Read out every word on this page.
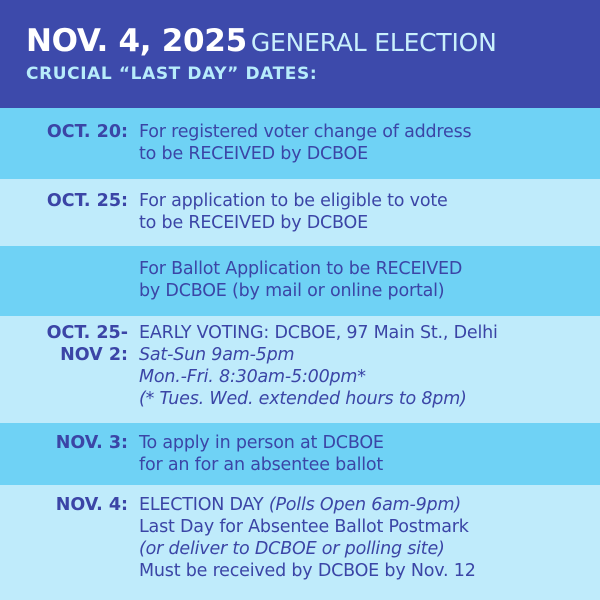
NOV. 4, 2025 GENERAL ELECTION
CRUCIAL “LAST DAY” DATES:
OCT. 20: For registered voter change of address
to be RECEIVED by DCBOE
OCT. 25: For application to be eligible to vote
to be RECEIVED by DCBOE
For Ballot Application to be RECEIVED
by DCBOE (by mail or online portal)
OCT. 25-
NOV 2:
EARLY VOTING: DCBOE, 97 Main St., Delhi
Sat-Sun 9am-5pm
Mon.-Fri. 8:30am-5:00pm*
(* Tues. Wed. extended hours to 8pm)
NOV. 3: To apply in person at DCBOE
for an for an absentee ballot
NOV. 4: ELECTION DAY (Polls Open 6am-9pm)
Last Day for Absentee Ballot Postmark
(or deliver to DCBOE or polling site)
Must be received by DCBOE by Nov. 12
